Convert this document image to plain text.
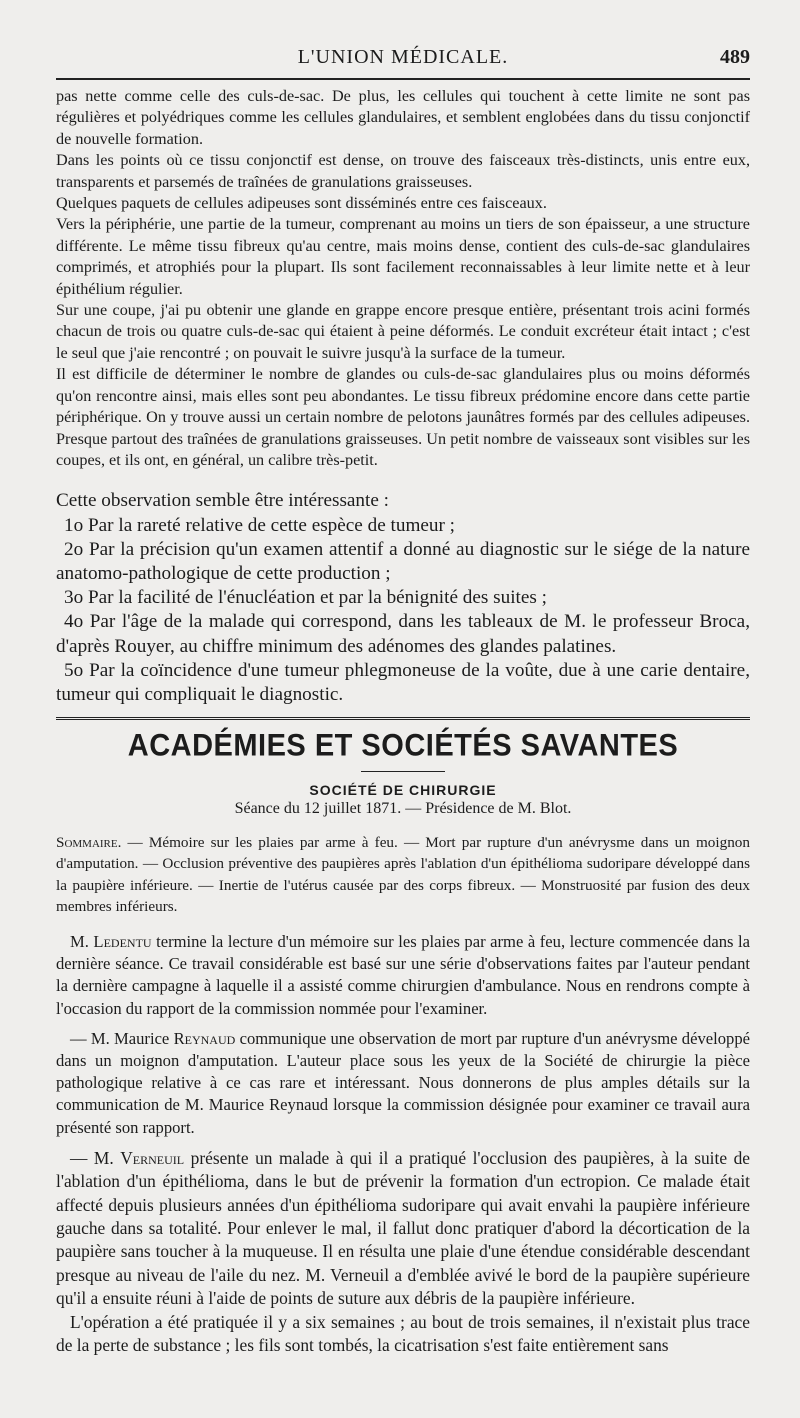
L'UNION MÉDICALE.	489

pas nette comme celle des culs-de-sac. De plus, les cellules qui touchent à cette limite ne sont pas régulières et polyédriques comme les cellules glandulaires, et semblent englobées dans du tissu conjonctif de nouvelle formation.

Dans les points où ce tissu conjonctif est dense, on trouve des faisceaux très-distincts, unis entre eux, transparents et parsemés de traînées de granulations graisseuses.

Quelques paquets de cellules adipeuses sont disséminés entre ces faisceaux.

Vers la périphérie, une partie de la tumeur, comprenant au moins un tiers de son épaisseur, a une structure différente. Le même tissu fibreux qu'au centre, mais moins dense, contient des culs-de-sac glandulaires comprimés, et atrophiés pour la plupart. Ils sont facilement reconnaissables à leur limite nette et à leur épithélium régulier.

Sur une coupe, j'ai pu obtenir une glande en grappe encore presque entière, présentant trois acini formés chacun de trois ou quatre culs-de-sac qui étaient à peine déformés. Le conduit excréteur était intact ; c'est le seul que j'aie rencontré ; on pouvait le suivre jusqu'à la surface de la tumeur.

Il est difficile de déterminer le nombre de glandes ou culs-de-sac glandulaires plus ou moins déformés qu'on rencontre ainsi, mais elles sont peu abondantes. Le tissu fibreux prédomine encore dans cette partie périphérique. On y trouve aussi un certain nombre de pelotons jaunâtres formés par des cellules adipeuses. Presque partout des traînées de granulations graisseuses. Un petit nombre de vaisseaux sont visibles sur les coupes, et ils ont, en général, un calibre très-petit.

Cette observation semble être intéressante :

1o Par la rareté relative de cette espèce de tumeur ;

2o Par la précision qu'un examen attentif a donné au diagnostic sur le siége de la nature anatomo-pathologique de cette production ;

3o Par la facilité de l'énucléation et par la bénignité des suites ;

4o Par l'âge de la malade qui correspond, dans les tableaux de M. le professeur Broca, d'après Rouyer, au chiffre minimum des adénomes des glandes palatines.

5o Par la coïncidence d'une tumeur phlegmoneuse de la voûte, due à une carie dentaire, tumeur qui compliquait le diagnostic.

ACADÉMIES ET SOCIÉTÉS SAVANTES
SOCIÉTÉ DE CHIRURGIE
Séance du 12 juillet 1871. — Présidence de M. Blot.
Sommaire. — Mémoire sur les plaies par arme à feu. — Mort par rupture d'un anévrysme dans un moignon d'amputation. — Occlusion préventive des paupières après l'ablation d'un épithélioma sudoripare développé dans la paupière inférieure. — Inertie de l'utérus causée par des corps fibreux. — Monstruosité par fusion des deux membres inférieurs.

M. Ledentu termine la lecture d'un mémoire sur les plaies par arme à feu, lecture commencée dans la dernière séance. Ce travail considérable est basé sur une série d'observations faites par l'auteur pendant la dernière campagne à laquelle il a assisté comme chirurgien d'ambulance. Nous en rendrons compte à l'occasion du rapport de la commission nommée pour l'examiner.

— M. Maurice Reynaud communique une observation de mort par rupture d'un anévrysme développé dans un moignon d'amputation. L'auteur place sous les yeux de la Société de chirurgie la pièce pathologique relative à ce cas rare et intéressant. Nous donnerons de plus amples détails sur la communication de M. Maurice Reynaud lorsque la commission désignée pour examiner ce travail aura présenté son rapport.

— M. Verneuil présente un malade à qui il a pratiqué l'occlusion des paupières, à la suite de l'ablation d'un épithélioma, dans le but de prévenir la formation d'un ectropion. Ce malade était affecté depuis plusieurs années d'un épithélioma sudoripare qui avait envahi la paupière inférieure gauche dans sa totalité. Pour enlever le mal, il fallut donc pratiquer d'abord la décortication de la paupière sans toucher à la muqueuse. Il en résulta une plaie d'une étendue considérable descendant presque au niveau de l'aile du nez. M. Verneuil a d'emblée avivé le bord de la paupière supérieure qu'il a ensuite réuni à l'aide de points de suture aux débris de la paupière inférieure.

L'opération a été pratiquée il y a six semaines ; au bout de trois semaines, il n'existait plus trace de la perte de substance ; les fils sont tombés, la cicatrisation s'est faite entièrement sans
